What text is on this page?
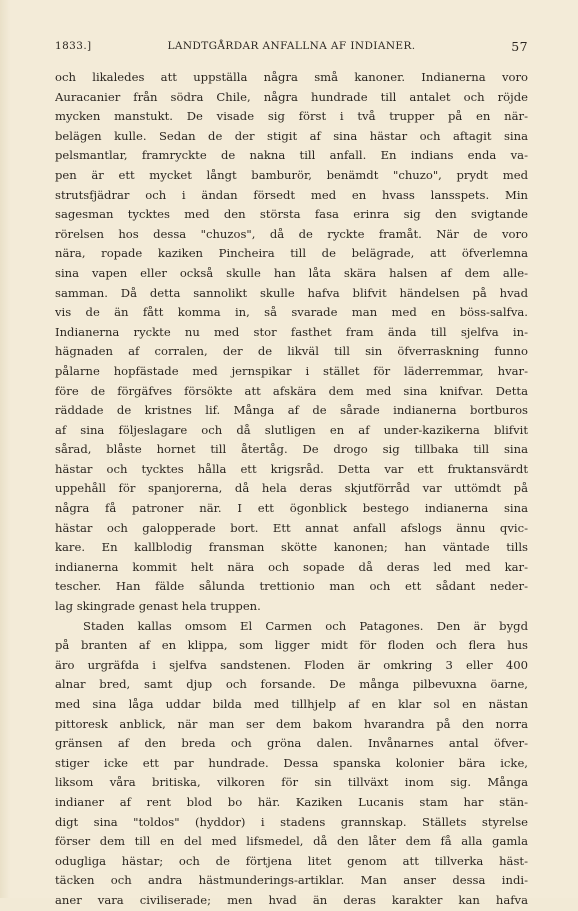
1833.]	LANDTGÅRDAR ANFALLNA AF INDIANER.	57
och likaledes att uppställa några små kanoner. Indianerna voro
Auracanier från södra Chile, några hundrade till antalet och röjde
mycken manstukt. De visade sig först i två trupper på en när-
belägen kulle. Sedan de der stigit af sina hästar och aftagit sina
pelsmantlar, framryckte de nakna till anfall. En indians enda va-
pen är ett mycket långt bamburör, benämdt "chuzo", prydt med
strutsfjädrar och i ändan försedt med en hvass lansspets. Min
sagesman tycktes med den största fasa erinra sig den svigtande
rörelsen hos dessa "chuzos", då de ryckte framåt. När de voro
nära, ropade kaziken Pincheira till de belägrade, att öfverlemna
sina vapen eller också skulle han låta skära halsen af dem alle-
samman. Då detta sannolikt skulle hafva blifvit händelsen på hvad
vis de än fått komma in, så svarade man med en böss-salfva.
Indianerna ryckte nu med stor fasthet fram ända till sjelfva in-
hägnaden af corralen, der de likväl till sin öfverraskning funno
pålarne hopfästade med jernspikar i stället för läderremmar, hvar-
före de förgäfves försökte att afskära dem med sina knifvar. Detta
räddade de kristnes lif. Många af de sårade indianerna bortburos
af sina följeslagare och då slutligen en af under-kazikerna blifvit
sårad, blåste hornet till återtåg. De drogo sig tillbaka till sina
hästar och tycktes hålla ett krigsråd. Detta var ett fruktansvärdt
uppehåll för spanjorerna, då hela deras skjutförråd var uttömdt på
några få patroner när. I ett ögonblick bestego indianerna sina
hästar och galopperade bort. Ett annat anfall afslogs ännu qvic-
kare. En kallblodig fransman skötte kanonen; han väntade tills
indianerna kommit helt nära och sopade då deras led med kar-
tescher. Han fälde sålunda trettionio man och ett sådant neder-
lag skingrade genast hela truppen.
Staden kallas omsom El Carmen och Patagones. Den är bygd
på branten af en klippa, som ligger midt för floden och flera hus
äro urgräfda i sjelfva sandstenen. Floden är omkring 3 eller 400
alnar bred, samt djup och forsande. De många pilbevuxna öarne,
med sina låga uddar bilda med tillhjelp af en klar sol en nästan
pittoresk anblick, när man ser dem bakom hvarandra på den norra
gränsen af den breda och gröna dalen. Invånarnes antal öfver-
stiger icke ett par hundrade. Dessa spanska kolonier bära icke,
liksom våra britiska, vilkoren för sin tillväxt inom sig. Många
indianer af rent blod bo här. Kaziken Lucanis stam har stän-
digt sina "toldos" (hyddor) i stadens grannskap. Ställets styrelse
förser dem till en del med lifsmedel, då den låter dem få alla gamla
odugliga hästar; och de förtjena litet genom att tillverka häst-
täcken och andra hästmunderings-artiklar. Man anser dessa indi-
aner vara civiliserade; men hvad än deras karakter kan hafva
